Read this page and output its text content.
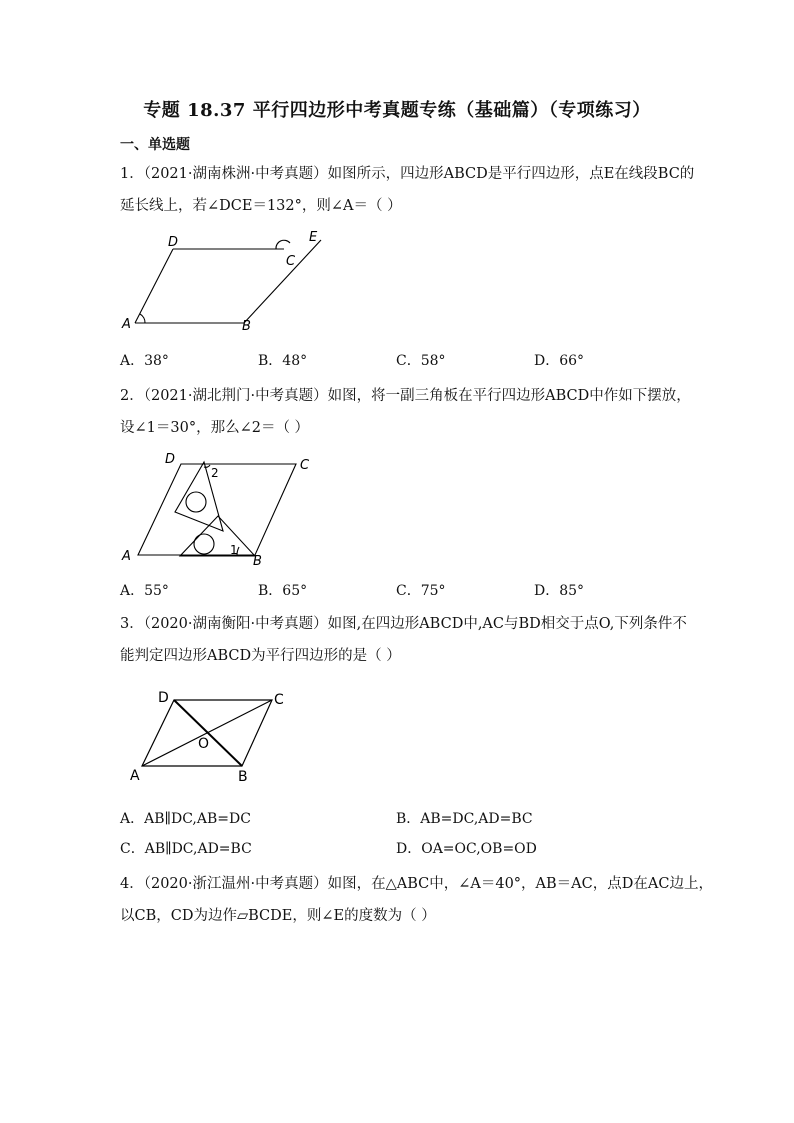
专题 18.37 平行四边形中考真题专练（基础篇）（专项练习）
一、单选题
1．（2021·湖南株洲·中考真题）如图所示，四边形ABCD是平行四边形，点E在线段BC的
延长线上，若∠DCE＝132°，则∠A＝（ ）
A	B
C
D	E
A．38°	B．48°	C．58°	D．66°
2．（2021·湖北荆门·中考真题）如图，将一副三角板在平行四边形ABCD中作如下摆放，
设∠1＝30°，那么∠2＝（ ）
A	B
C
D
1
2
A．55°	B．65°	C．75°	D．85°
3．（2020·湖南衡阳·中考真题）如图,在四边形ABCD中,AC与BD相交于点O,下列条件不
能判定四边形ABCD为平行四边形的是（ ）
A	B
C
D
O
A．AB∥DC,AB=DC	B．AB=DC,AD=BC
C．AB∥DC,AD=BC	D．OA=OC,OB=OD
4．（2020·浙江温州·中考真题）如图，在△ABC中，∠A＝40°，AB＝AC，点D在AC边上，
以CB，CD为边作▱BCDE，则∠E的度数为（ ）
